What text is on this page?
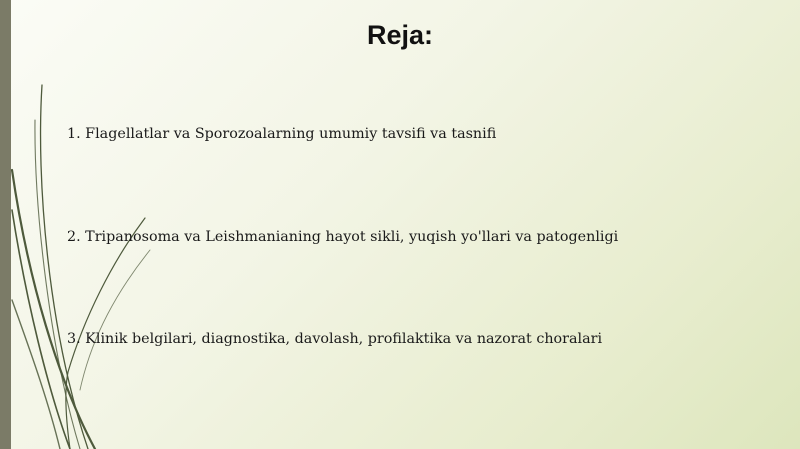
Reja:
1. Flagellatlar va Sporozoalarning umumiy tavsifi va tasnifi
2. Tripanosoma va Leishmanianing hayot sikli, yuqish yo'llari va patogenligi
3. Klinik belgilari, diagnostika, davolash, profilaktika va nazorat choralari
